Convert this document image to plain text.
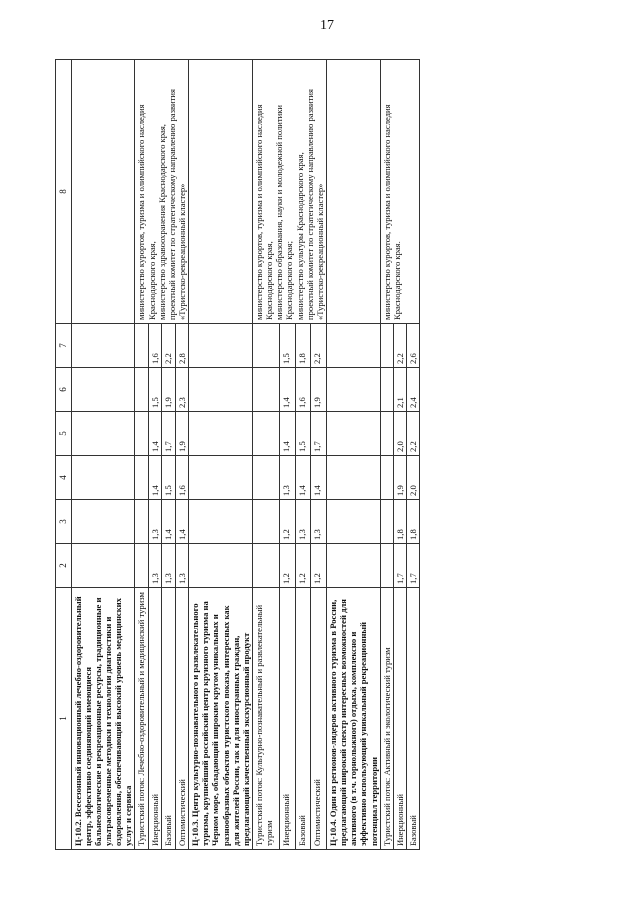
17
1	2	3	4	5	6	7	8
Ц-10.2. Всесезонный инновационный лечебно-оздоровительный центр, эффективно соединяющий имеющиеся бальнеологические и рекреационные ресурсы, традиционные и ультрасовременные методики и технологии диагностики и оздоровления, обеспечивающий высокий уровень медицинских услуг и сервиса							
Туристский поток: Лечебно-оздоровительный и медицинский туризм							министерство курортов, туризма и олимпийского наследия Краснодарского края,
министерство здравоохранения Краснодарского края,
проектный комитет по стратегическому направлению развития «Туристско-рекреационный кластер»
Инерционный	1,3	1,3	1,4	1,4	1,5	1,6	
Базовый	1,3	1,4	1,5	1,7	1,9	2,2	
Оптимистический	1,3	1,4	1,6	1,9	2,3	2,8	
Ц-10.3. Центр культурно-познавательного и развлекательного туризма, крупнейший российский центр круизного туризма на Черном море, обладающий широким кругом уникальных и разнообразных объектов туристского показа, интересных как для жителей России, так и для иностранных граждан, предлагающий качественный экскурсионный продукт							
Туристский поток: Культурно-познавательный и развлекательный туризм							министерство курортов, туризма и олимпийского наследия Краснодарского края,
министерство образования, науки и молодежной политики Краснодарского края;
министерство культуры Краснодарского края,
проектный комитет по стратегическому направлению развития «Туристско-рекреационный кластер»
Инерционный	1,2	1,2	1,3	1,4	1,4	1,5	
Базовый	1,2	1,3	1,4	1,5	1,6	1,8	
Оптимистический	1,2	1,3	1,4	1,7	1,9	2,2	
Ц-10.4. Один из регионов-лидеров активного туризма в России, предлагающий широкий спектр интересных возможностей для активного (в т.ч. горнолыжного) отдыха, комплексно и эффективно использующий уникальный рекреационный потенциал территории							
Туристский поток: Активный и экологический туризм							министерство курортов, туризма и олимпийского наследия Краснодарского края.
Инерционный	1,7	1,8	1,9	2,0	2,1	2,2	
Базовый	1,7	1,8	2,0	2,2	2,4	2,6	
